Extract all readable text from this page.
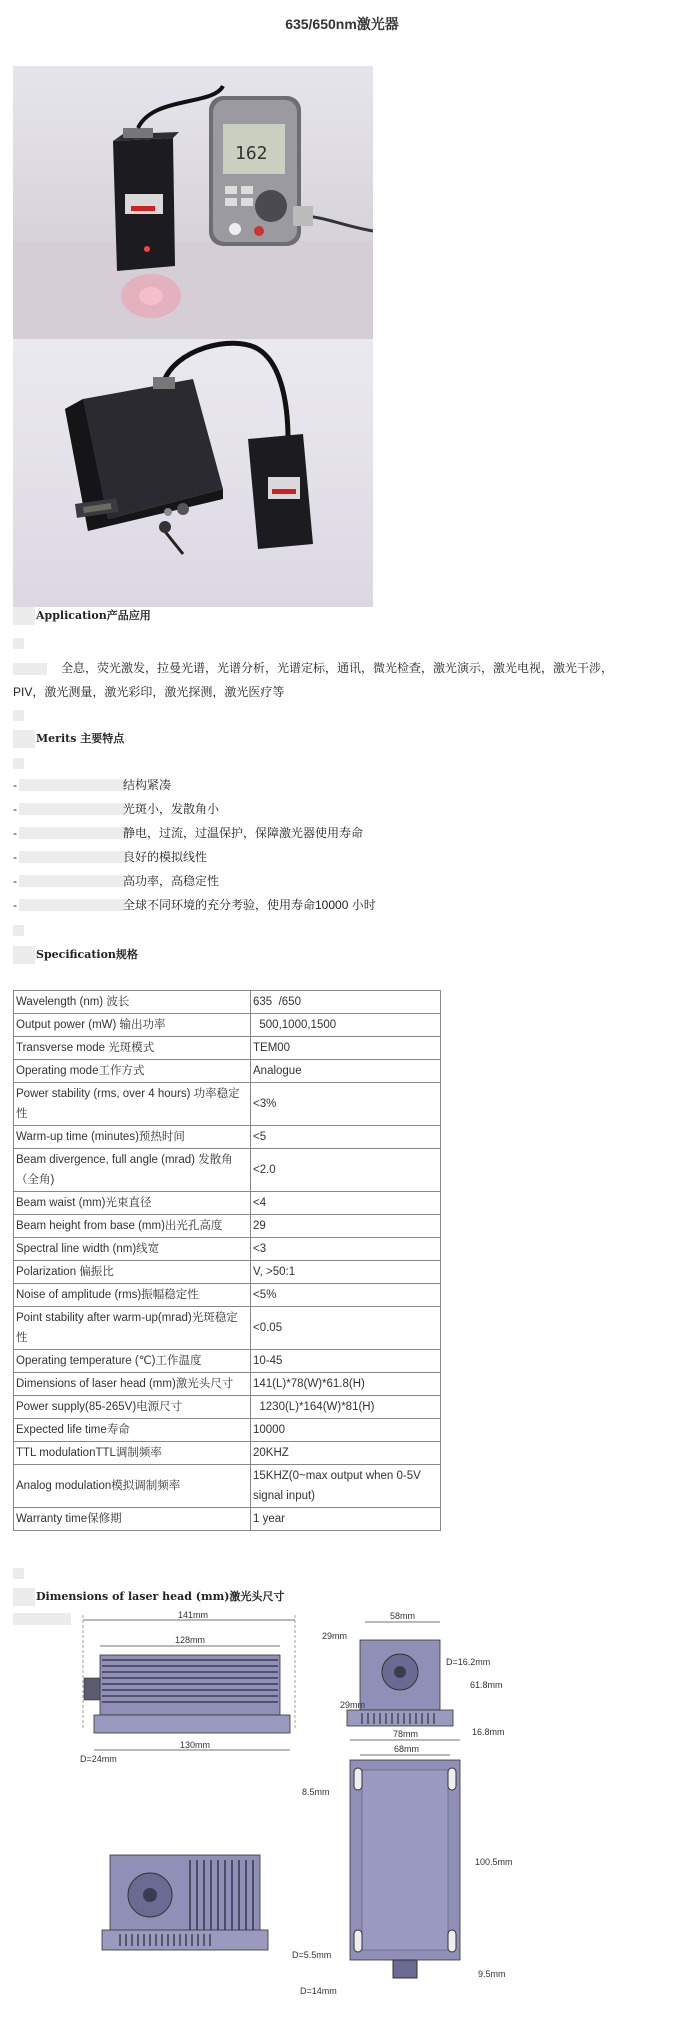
635/650nm激光器
162
Application产品应用
全息，荧光激发，拉曼光谱，光谱分析，光谱定标，通讯，微光检查，激光演示，激光电视，激光干涉，PIV，激光测量，激光彩印，激光探测，激光医疗等
Merits 主要特点
-	结构紧凑
-	光斑小，发散角小
-	静电，过流，过温保护，保障激光器使用寿命
-	良好的模拟线性
-	高功率，高稳定性
-	全球不同环境的充分考验，使用寿命10000 小时
Specification规格
Wavelength (nm) 波长	635  /650
Output power (mW) 输出功率	500,1000,1500
Transverse mode 光斑模式	TEM00
Operating mode工作方式	Analogue
Power stability (rms, over 4 hours) 功率稳定性	<3%
Warm-up time (minutes)预热时间	<5
Beam divergence, full angle (mrad) 发散角（全角)	<2.0
Beam waist (mm)光束直径	<4
Beam height from base (mm)出光孔高度	29
Spectral line width (nm)线宽	<3
Polarization 偏振比	V, >50:1
Noise of amplitude (rms)振幅稳定性	<5%
Point stability after warm-up(mrad)光斑稳定性	<0.05
Operating temperature (℃)工作温度	10-45
Dimensions of laser head (mm)激光头尺寸	141(L)*78(W)*61.8(H)
Power supply(85-265V)电源尺寸	1230(L)*164(W)*81(H)
Expected life time寿命	10000
TTL modulationTTL调制频率	20KHZ
Analog modulation模拟调制频率	15KHZ(0~max output when 0-5V signal input)
Warranty time保修期	1 year
Dimensions of laser head (mm)激光头尺寸
141mm
128mm
130mm
D=24mm
58mm
29mm
D=16.2mm
61.8mm
29mm
16.8mm
78mm
68mm
8.5mm
100.5mm
D=5.5mm
9.5mm
D=14mm
